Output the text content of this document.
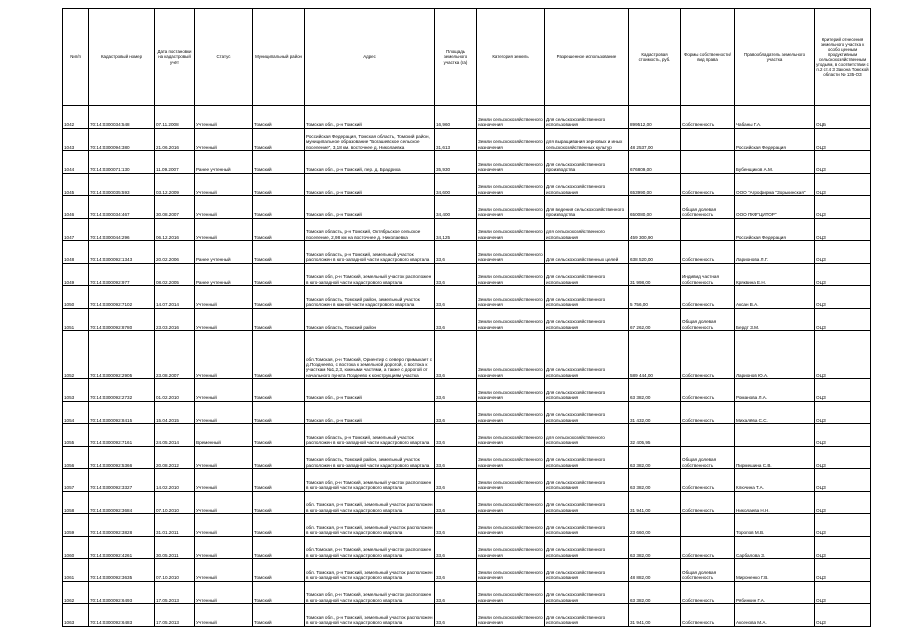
№п/п	Кадастровый номер	Дата постановки на кадастровый учёт	Статус	Муниципальный район	Адрес	Площадь земельного участка (га)	Категория земель	Разрешенное использование	Кадастровая стоимость, руб.	Формы собственности/вид права	Правообладатель земельного участка	Критерий отнесения земельного участка к особо ценным продуктивным сельскохозяйственным угодьям, в соответствии с п.2 ст.4 З Закона Томской области № 135-ОЗ
1042	70:14:0300034:548	07.11.2008	Учтенный	Томский	Томская обл., р-н Томский	16,960	Земли сельскохозяйственного назначения	Для сельскохозяйственного использования	899512,00	Собственность	Чабаны Г.А.	ОЦБ
1043	70:14:0300094:380	21.06.2016	Учтенный	Томский	Российская Федерация, Томская область, Томский район, муниципальное образование "Богашевское сельское поселение", 3,18 км. восточнее д. Николаевка	31,613	Земли сельскохозяйственного назначения	для выращивания зерновых и иных сельскохозяйственных культур	48 2537,00		Российская Федерация	ОЦЗ
1044	70:14:0300071:130	11.09.2007	Ранее учтенный	Томский	Томская обл., р-н Томский, пер. д. Брадриха	35,930	Земли сельскохозяйственного назначения	Для сельскохозяйственного производства	676809,00		Бубенщиков А.М.	ОЦЗ
1045	70:14:0300035:593	03.12.2009	Учтенный	Томский	Томская обл., р-н Томский	34,600	Земли сельскохозяйственного назначения	Для сельскохозяйственного использования	653990,00	Собственность	ООО "Агрофирма "Зорькинская"	ОЦЗ
1046	70:14:0300034:467	30.08.2007	Учтенный	Томский	Томская обл., р-н Томский	34,400	Земли сельскохозяйственного назначения	Для ведения сельскохозяйственного производства	650080,00	Общая долевая собственность	ООО ПКФ"ЦИТОР"	ОЦЗ
1047	70:14:0300044:296	06.12.2016	Учтенный	Томский	Томская область, р-н Томский, Октябрьское сельское поселение, 2,98 км на восточнее д. Николаевка	34,125	Земли сельскохозяйственного назначения	для сельскохозяйственного использования	459 300,90		Российская Федерация	ОЦЗ
1048	70:14:0300092:1343	20.02.2006	Ранее учтенный	Томский	Томская область, р-н Томский, земельный участок расположен в юго-западной части кадастрового квартала	33,6	Земли сельскохозяйственного назначения	Для сельскохозяйственных целей	638 520,00	Собственность	Ларионова Л.Г.	ОЦЗ
1049	70:14:0300092:977	08.02.2005	Ранее учтенный	Томский	Томская обл, р-н Томский, земельный участок расположен в юго-западной части кадастрового квартала	33,6	Земли сельскохозяйственного назначения	Для сельскохозяйственного использования	31 998,00	Индивид частная собственность	Кряквина Е.Н.	ОЦЗ
1050	70:14:0300092:7102	14.07.2014	Учтенный	Томский	Томская область, Томский район, земельный участок расположен в южной части кадастрового квартала	33,6	Земли сельскохозяйственного назначения	Для сельскохозяйственного использования	5 756,00	Собственность	Аксан В.А.	ОЦЗ
1051	70:14:0300092:8780	23.03.2016	Учтенный	Томский	Томская область, Томский район	33,6	Земли сельскохозяйственного назначения	Для сельскохозяйственного использования	67 262,00	Общая долевая собственность	Бердт З.М.	ОЦЗ
1052	70:14:0300092:2905	23.08.2007	Учтенный	Томский	обл.Томская, р-н Томский, Ориентир с северо примыкает с д.Позднеево, с востока к земельной дорогой, с востока к участкам №1,2,3, южными частями, а также с дорогой от начального пункта Поздеево к конструкциям участка	33,6	Земли сельскохозяйственного назначения	Для сельскохозяйственного использования	589 444,00	Собственность	Ларионов Ю.А.	ОЦЗ
1053	70:14:0300092:2732	01.02.2010	Учтенный	Томский	Томская обл., р-н Томский	33,6	Земли сельскохозяйственного назначения	Для сельскохозяйственного использования	63 382,00	Собственность	Романова Л.А.	ОЦЗ
1054	70:14:0300092:8415	15.04.2015	Учтенный	Томский	Томская обл., р-н Томский	33,6	Земли сельскохозяйственного назначения	Для сельскохозяйственного использования	31 432,00	Собственность	Михалёва С.С.	ОЦЗ
1055	70:14:0300092:7161	24.05.2014	Временный	Томский	Томская область, р-н Томский, земельный участок расположен в юго-западной части кадастрового квартала	33,6	Земли сельскохозяйственного назначения	для сельскохозяйственного использования	32 405,95			ОЦЗ
1056	70:14:0300092:5366	20.08.2012	Учтенный	Томский	Томская область, Томский район, земельный участок расположен в юго-западной части кадастрового квартала	33,6	Земли сельскохозяйственного назначения	Для сельскохозяйственного использования	63 382,00	Общая долевая собственность	Пирмешина С.В.	ОЦЗ
1057	70:14:0300092:3327	14.02.2010	Учтенный	Томский	Томская обл, р-н Томский, земельный участок расположен в юго-западной части кадастрового квартала	33,6	Земли сельскохозяйственного назначения	Для сельскохозяйственного использования	63 382,00	Собственность	Ключина Т.А.	ОЦЗ
1058	70:14:0300092:3684	07.10.2010	Учтенный	Томский	обл. Томская, р-н Томский, земельный участок расположен в юго-западной части кадастрового квартала	33,6	Земли сельскохозяйственного назначения	Для сельскохозяйственного использования	31 941,00	Собственность	Николаева Н.Н.	ОЦЗ
1059	70:14:0300092:3828	31.01.2011	Учтенный	Томский	обл. Томская, р-н Томский, земельный участок расположен в юго-западной части кадастрового квартала	33,6	Земли сельскохозяйственного назначения	Для сельскохозяйственного использования	23 660,00		Торопов М.В.	ОЦЗ
1060	70:14:0300092:4261	30.05.2011	Учтенный	Томский	обл.Томская, р-н Томский, земельный участок расположен в юго-западной части кадастрового квартала	33,6	Земли сельскохозяйственного назначения	Для сельскохозяйственного использования	63 382,00	Собственность	Сарбалова З.	ОЦЗ
1061	70:14:0300092:3635	07.10.2010	Учтенный	Томский	обл. Томская, р-н Томский, земельный участок расположен в юго-западной части кадастрового квартала	33,6	Земли сельскохозяйственного назначения	Для сельскохозяйственного использования	48 882,00	Общая долевая собственность	Мироненко Г.В.	ОЦЗ
1062	70:14:0300092:6493	17.05.2013	Учтенный	Томский	Томская обл, р-н Томский, земельный участок расположен в юго-западной части кадастрового квартала	33,6	Земли сельскохозяйственного назначения	Для сельскохозяйственного использования	63 382,00	Собственность	Рябинкин Г.А.	ОЦЗ
1063	70:14:0300092:6483	17.05.2013	Учтенный	Томский	Томская обл., р-н Томский, земельный участок расположен в юго-западной части кадастрового квартала	33,6	Земли сельскохозяйственного назначения	Для сельскохозяйственного использования	31 941,00	Собственность	Аксенова М.А.	ОЦЗ
